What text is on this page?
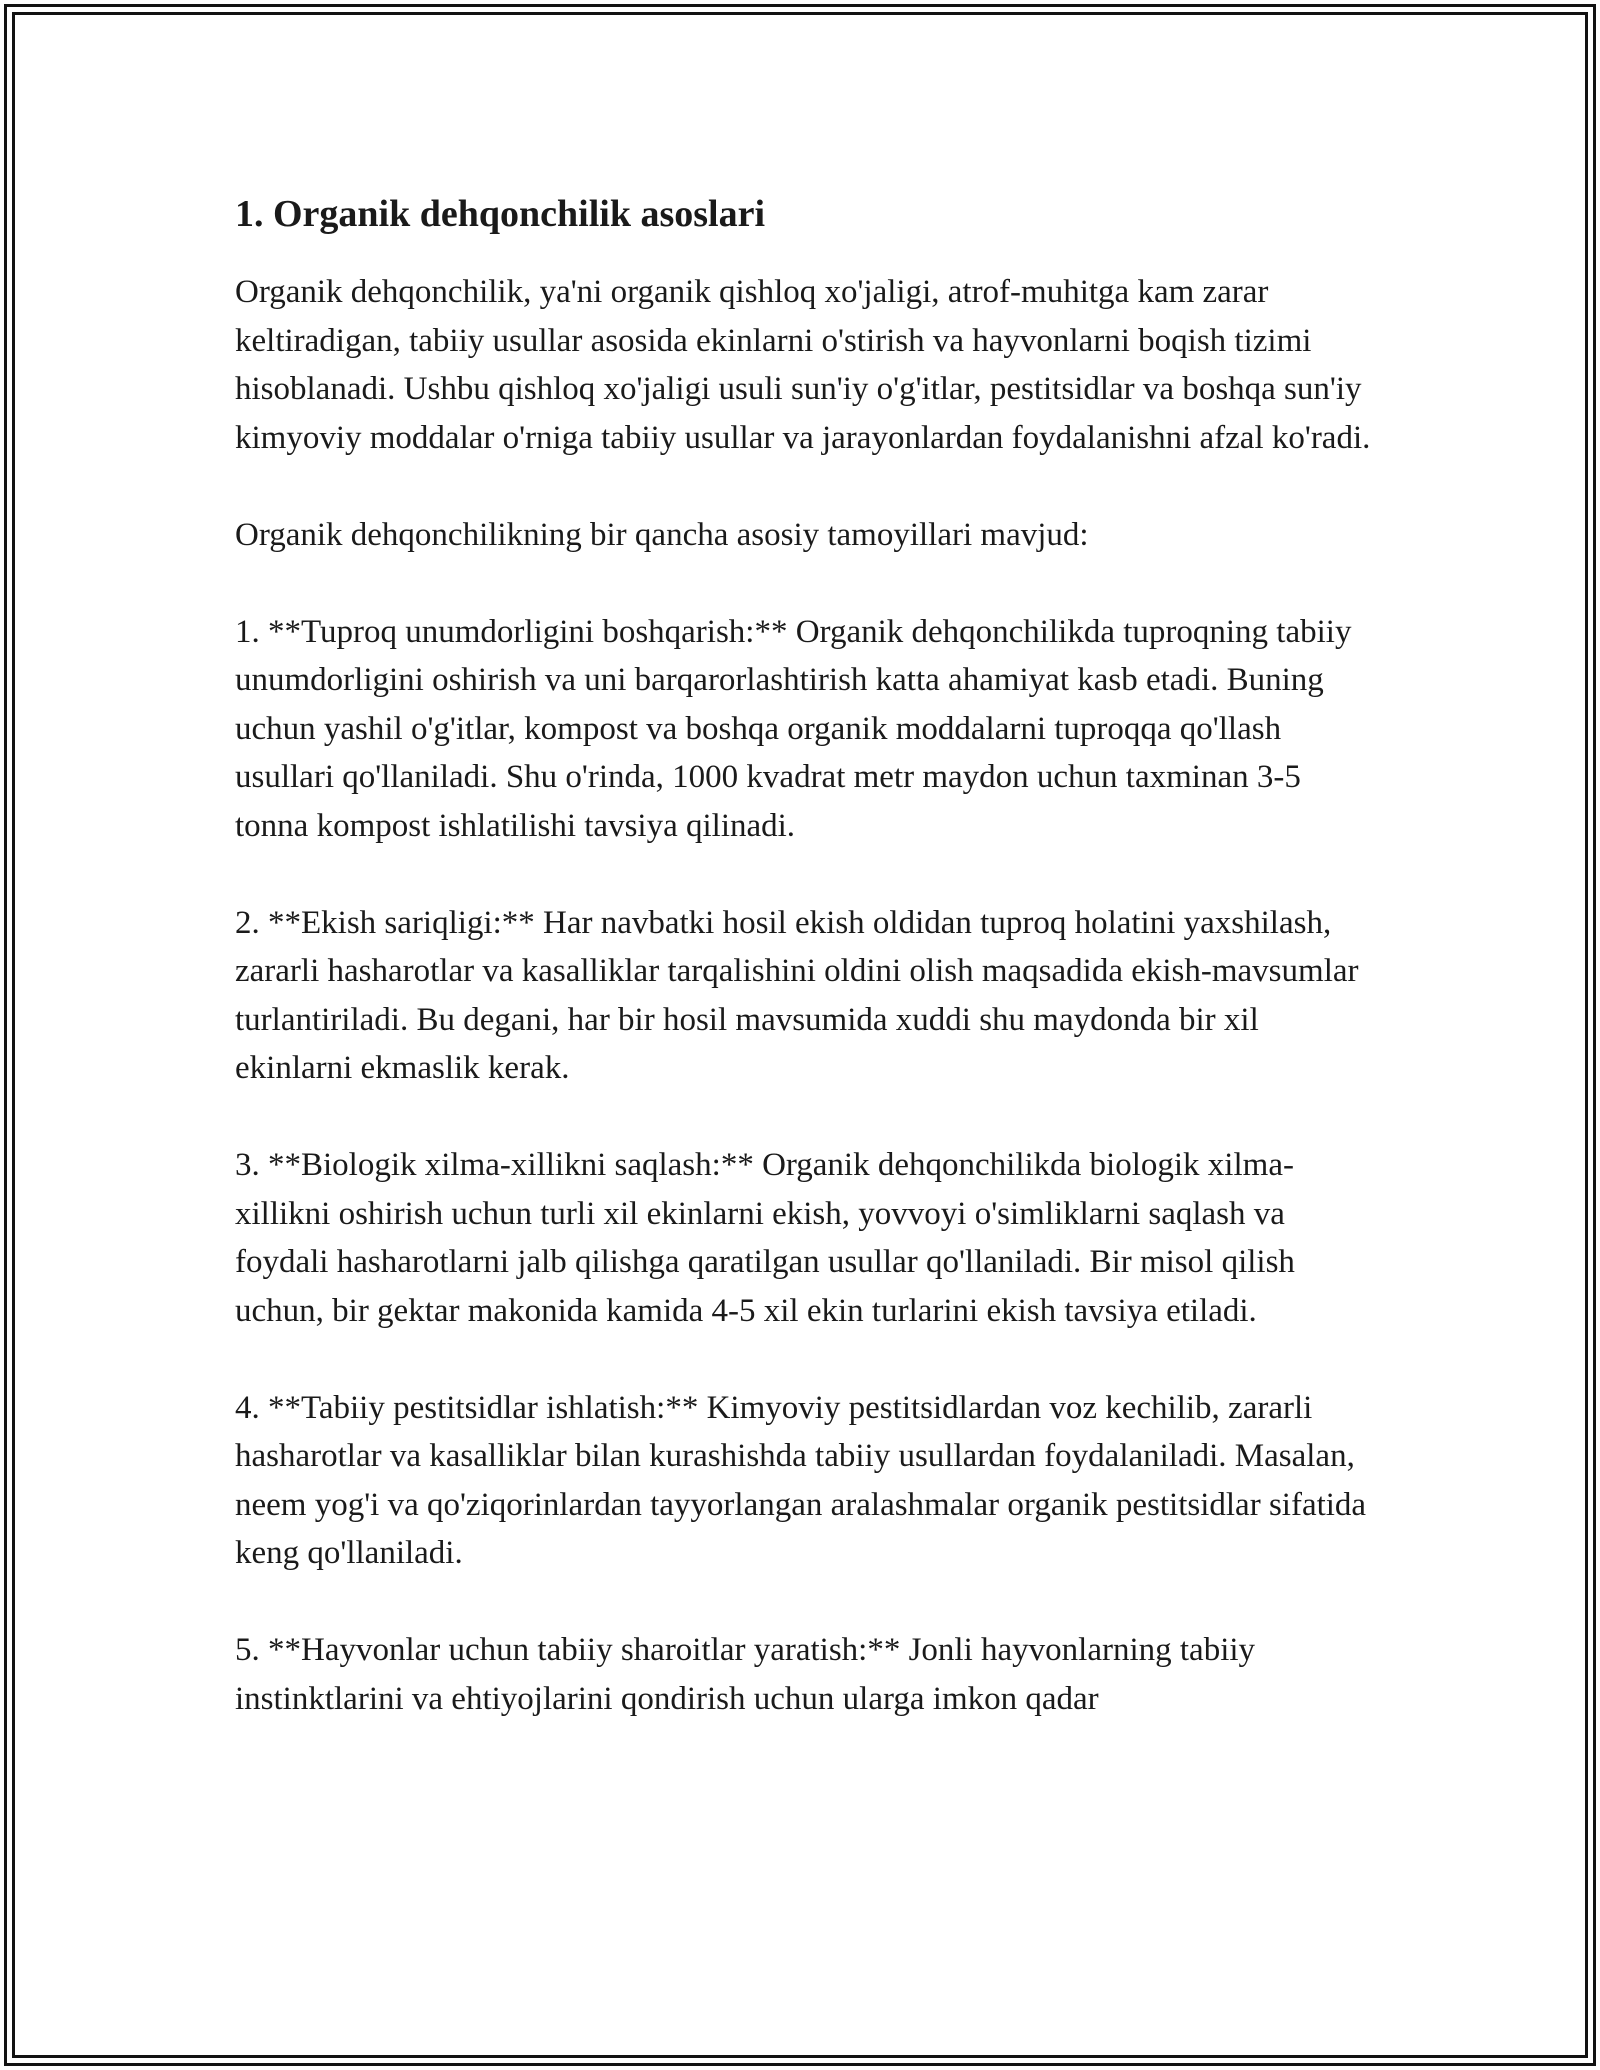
1. Organik dehqonchilik asoslari

Organik dehqonchilik, ya'ni organik qishloq xo'jaligi, atrof-muhitga kam zarar keltiradigan, tabiiy usullar asosida ekinlarni o'stirish va hayvonlarni boqish tizimi hisoblanadi. Ushbu qishloq xo'jaligi usuli sun'iy o'g'itlar, pestitsidlar va boshqa sun'iy kimyoviy moddalar o'rniga tabiiy usullar va jarayonlardan foydalanishni afzal ko'radi.

Organik dehqonchilikning bir qancha asosiy tamoyillari mavjud:

1. **Tuproq unumdorligini boshqarish:** Organik dehqonchilikda tuproqning tabiiy unumdorligini oshirish va uni barqarorlashtirish katta ahamiyat kasb etadi. Buning uchun yashil o'g'itlar, kompost va boshqa organik moddalarni tuproqqa qo'llash usullari qo'llaniladi. Shu o'rinda, 1000 kvadrat metr maydon uchun taxminan 3-5 tonna kompost ishlatilishi tavsiya qilinadi.

2. **Ekish sariqligi:** Har navbatki hosil ekish oldidan tuproq holatini yaxshilash, zararli hasharotlar va kasalliklar tarqalishini oldini olish maqsadida ekish-mavsumlar turlantiriladi. Bu degani, har bir hosil mavsumida xuddi shu maydonda bir xil ekinlarni ekmaslik kerak.

3. **Biologik xilma-xillikni saqlash:** Organik dehqonchilikda biologik xilma-xillikni oshirish uchun turli xil ekinlarni ekish, yovvoyi o'simliklarni saqlash va foydali hasharotlarni jalb qilishga qaratilgan usullar qo'llaniladi. Bir misol qilish uchun, bir gektar makonida kamida 4-5 xil ekin turlarini ekish tavsiya etiladi.

4. **Tabiiy pestitsidlar ishlatish:** Kimyoviy pestitsidlardan voz kechilib, zararli hasharotlar va kasalliklar bilan kurashishda tabiiy usullardan foydalaniladi. Masalan, neem yog'i va qo'ziqorinlardan tayyorlangan aralashmalar organik pestitsidlar sifatida keng qo'llaniladi.

5. **Hayvonlar uchun tabiiy sharoitlar yaratish:** Jonli hayvonlarning tabiiy instinktlarini va ehtiyojlarini qondirish uchun ularga imkon qadar
